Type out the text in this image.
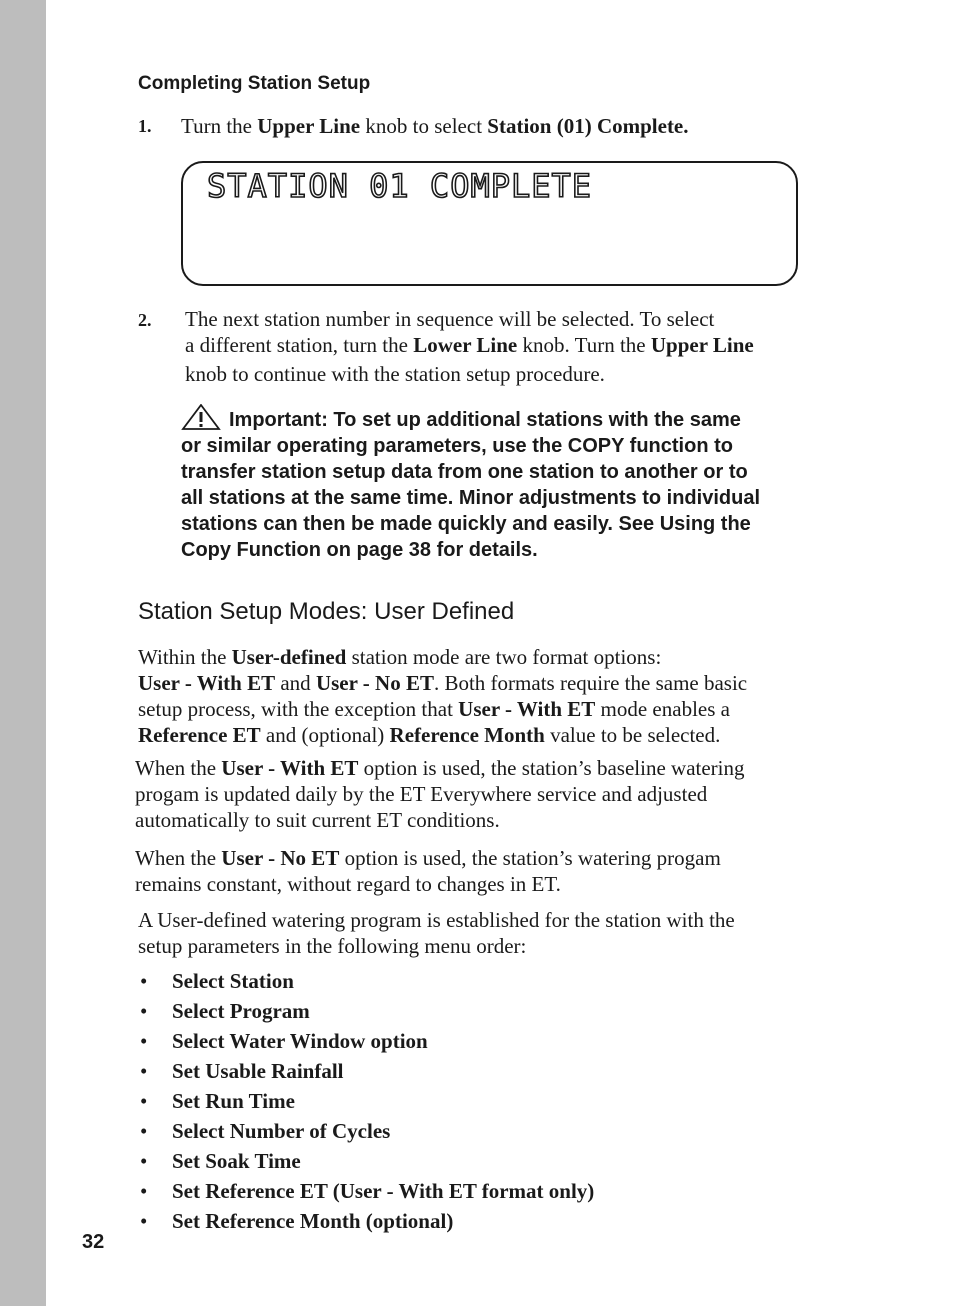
Completing Station Setup
1. Turn the Upper Line knob to select Station (01) Complete.
STATION 01 COMPLETE
2. The next station number in sequence will be selected. To select
a different station, turn the Lower Line knob. Turn the Upper Line
knob to continue with the station setup procedure.
Important: To set up additional stations with the same
or similar operating parameters, use the COPY function to
transfer station setup data from one station to another or to
all stations at the same time. Minor adjustments to individual
stations can then be made quickly and easily. See Using the
Copy Function on page 38 for details.
Station Setup Modes: User Defined
Within the User-defined station mode are two format options:
User - With ET and User - No ET. Both formats require the same basic
setup process, with the exception that User - With ET mode enables a
Reference ET and (optional) Reference Month value to be selected.
When the User - With ET option is used, the station’s baseline watering
progam is updated daily by the ET Everywhere service and adjusted
automatically to suit current ET conditions.
When the User - No ET option is used, the station’s watering progam
remains constant, without regard to changes in ET.
A User-defined watering program is established for the station with the
setup parameters in the following menu order:
• Select Station
• Select Program
• Select Water Window option
• Set Usable Rainfall
• Set Run Time
• Select Number of Cycles
• Set Soak Time
• Set Reference ET (User - With ET format only)
• Set Reference Month (optional)
32
